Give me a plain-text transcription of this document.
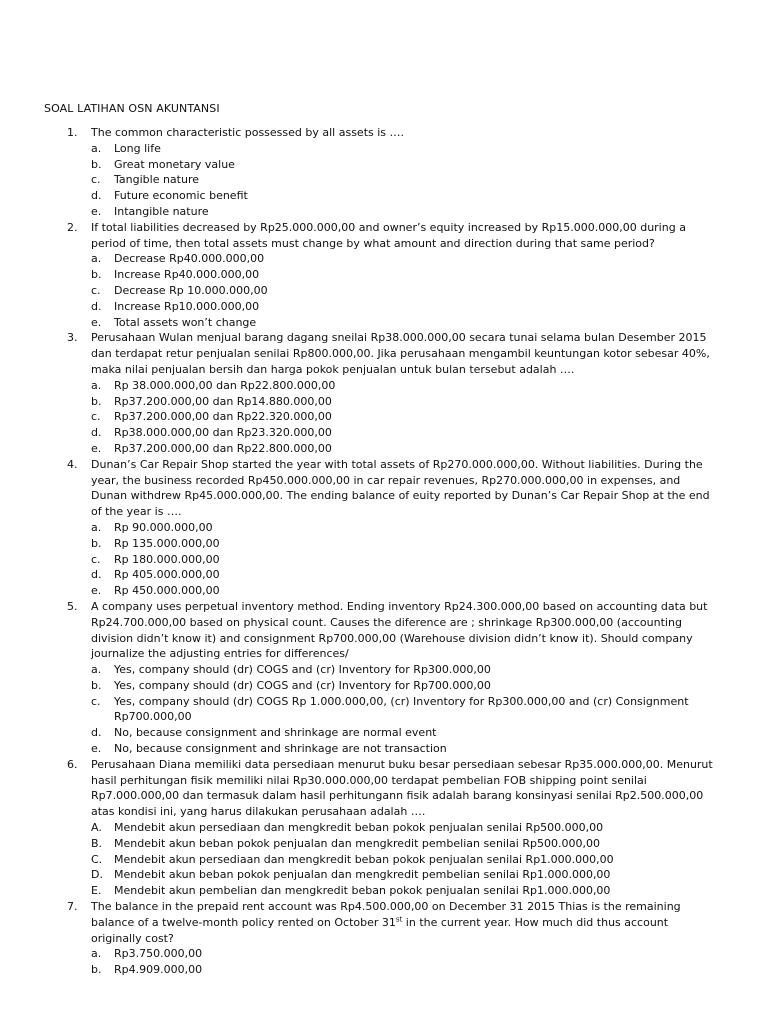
SOAL LATIHAN OSN AKUNTANSI
1. The common characteristic possessed by all assets is ….
a. Long life
b. Great monetary value
c. Tangible nature
d. Future economic benefit
e. Intangible nature
2. If total liabilities decreased by Rp25.000.000,00 and owner’s equity increased by Rp15.000.000,00 during a period of time, then total assets must change by what amount and direction during that same period?
a. Decrease Rp40.000.000,00
b. Increase Rp40.000.000,00
c. Decrease Rp 10.000.000,00
d. Increase Rp10.000.000,00
e. Total assets won’t change
3. Perusahaan Wulan menjual barang dagang sneilai Rp38.000.000,00 secara tunai selama bulan Desember 2015 dan terdapat retur penjualan senilai Rp800.000,00. Jika perusahaan mengambil keuntungan kotor sebesar 40%, maka nilai penjualan bersih dan harga pokok penjualan untuk bulan tersebut adalah ….
a. Rp 38.000.000,00 dan Rp22.800.000,00
b. Rp37.200.000,00 dan Rp14.880.000,00
c. Rp37.200.000,00 dan Rp22.320.000,00
d. Rp38.000.000,00 dan Rp23.320.000,00
e. Rp37.200.000,00 dan Rp22.800.000,00
4. Dunan’s Car Repair Shop started the year with total assets of Rp270.000.000,00. Without liabilities. During the year, the business recorded Rp450.000.000,00 in car repair revenues, Rp270.000.000,00 in expenses, and Dunan withdrew Rp45.000.000,00. The ending balance of euity reported by Dunan’s Car Repair Shop at the end of the year is ….
a. Rp 90.000.000,00
b. Rp 135.000.000,00
c. Rp 180.000.000,00
d. Rp 405.000.000,00
e. Rp 450.000.000,00
5. A company uses perpetual inventory method. Ending inventory Rp24.300.000,00 based on accounting data but Rp24.700.000,00 based on physical count. Causes the diference are ; shrinkage Rp300.000,00 (accounting division didn’t know it) and consignment Rp700.000,00 (Warehouse division didn’t know it). Should company journalize the adjusting entries for differences/
a. Yes, company should (dr) COGS and (cr) Inventory for Rp300.000,00
b. Yes, company should (dr) COGS and (cr) Inventory for Rp700.000,00
c. Yes, company should (dr) COGS Rp 1.000.000,00, (cr) Inventory for Rp300.000,00 and (cr) Consignment Rp700.000,00
d. No, because consignment and shrinkage are normal event
e. No, because consignment and shrinkage are not transaction
6. Perusahaan Diana memiliki data persediaan menurut buku besar persediaan sebesar Rp35.000.000,00. Menurut hasil perhitungan fisik memiliki nilai Rp30.000.000,00 terdapat pembelian FOB shipping point senilai Rp7.000.000,00 dan termasuk dalam hasil perhitungann fisik adalah barang konsinyasi senilai Rp2.500.000,00 atas kondisi ini, yang harus dilakukan perusahaan adalah ….
A. Mendebit akun persediaan dan mengkredit beban pokok penjualan senilai Rp500.000,00
B. Mendebit akun beban pokok penjualan dan mengkredit pembelian senilai Rp500.000,00
C. Mendebit akun persediaan dan mengkredit beban pokok penjualan senilai Rp1.000.000,00
D. Mendebit akun beban pokok penjualan dan mengkredit pembelian senilai Rp1.000.000,00
E. Mendebit akun pembelian dan mengkredit beban pokok penjualan senilai Rp1.000.000,00
7. The balance in the prepaid rent account was Rp4.500.000,00 on December 31 2015 Thias is the remaining balance of a twelve-month policy rented on October 31st in the current year. How much did thus account originally cost?
a. Rp3.750.000,00
b. Rp4.909.000,00
